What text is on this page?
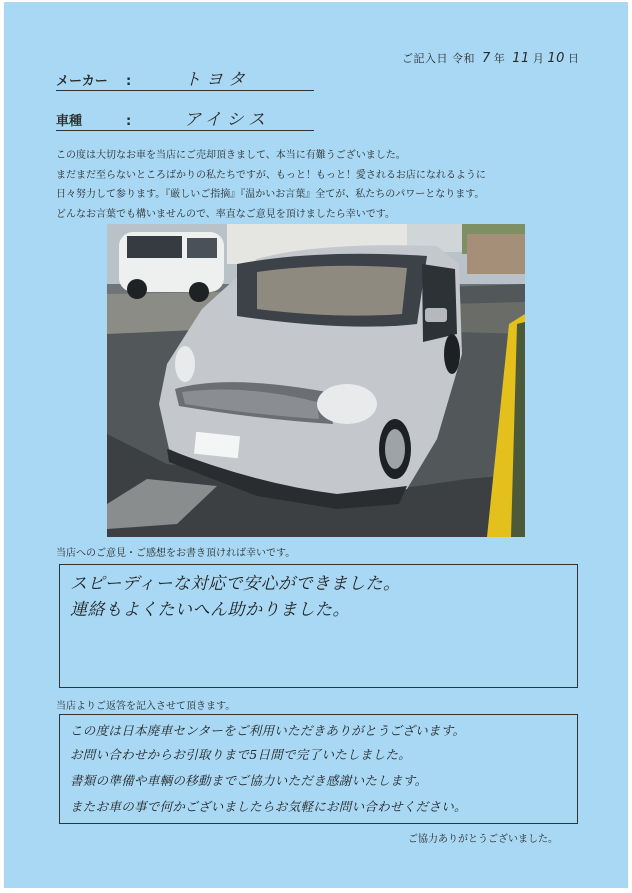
ご記入日 令和 7 年 11 月 10 日
メーカー :	トヨタ
車種	:	アイシス

この度は大切なお車を当店にご売却頂きまして、本当に有難うございました。

まだまだ至らないところばかりの私たちですが、もっと！もっと！愛されるお店になれるように

日々努力して参ります。『厳しいご指摘』『温かいお言葉』全てが、私たちのパワーとなります。

どんなお言葉でも構いませんので、率直なご意見を頂けましたら幸いです。

当店へのご意見・ご感想をお書き頂ければ幸いです。
スピーディーな対応で安心ができました。
連絡もよくたいへん助かりました。
当店よりご返答を記入させて頂きます。
この度は日本廃車センターをご利用いただきありがとうございます。
お問い合わせからお引取りまで5日間で完了いたしました。
書類の準備や車輌の移動までご協力いただき感謝いたします。
またお車の事で何かございましたらお気軽にお問い合わせください。
ご協力ありがとうございました。
